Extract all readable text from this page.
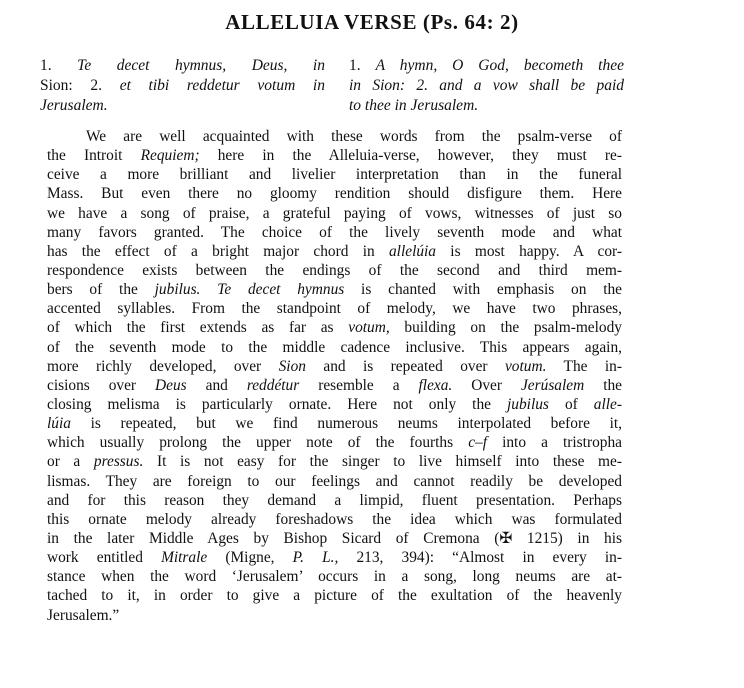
ALLELUIA VERSE (Ps. 64: 2)
1. Te decet hymnus, Deus, in
Sion: 2. et tibi reddetur votum in
Jerusalem.
1. A hymn, O God, becometh thee
in Sion: 2. and a vow shall be paid
to thee in Jerusalem.
We are well acquainted with these words from the psalm-verse of
the Introit Requiem; here in the Alleluia-verse, however, they must re-
ceive a more brilliant and livelier interpretation than in the funeral
Mass. But even there no gloomy rendition should disfigure them. Here
we have a song of praise, a grateful paying of vows, witnesses of just so
many favors granted. The choice of the lively seventh mode and what
has the effect of a bright major chord in allelúia is most happy. A cor-
respondence exists between the endings of the second and third mem-
bers of the jubilus. Te decet hymnus is chanted with emphasis on the
accented syllables. From the standpoint of melody, we have two phrases,
of which the first extends as far as votum, building on the psalm-melody
of the seventh mode to the middle cadence inclusive. This appears again,
more richly developed, over Sion and is repeated over votum. The in-
cisions over Deus and reddétur resemble a flexa. Over Jerúsalem the
closing melisma is particularly ornate. Here not only the jubilus of alle-
lúia is repeated, but we find numerous neums interpolated before it,
which usually prolong the upper note of the fourths c–f into a tristropha
or a pressus. It is not easy for the singer to live himself into these me-
lismas. They are foreign to our feelings and cannot readily be developed
and for this reason they demand a limpid, fluent presentation. Perhaps
this ornate melody already foreshadows the idea which was formulated
in the later Middle Ages by Bishop Sicard of Cremona (✠ 1215) in his
work entitled Mitrale (Migne, P. L., 213, 394): “Almost in every in-
stance when the word ‘Jerusalem’ occurs in a song, long neums are at-
tached to it, in order to give a picture of the exultation of the heavenly
Jerusalem.”
